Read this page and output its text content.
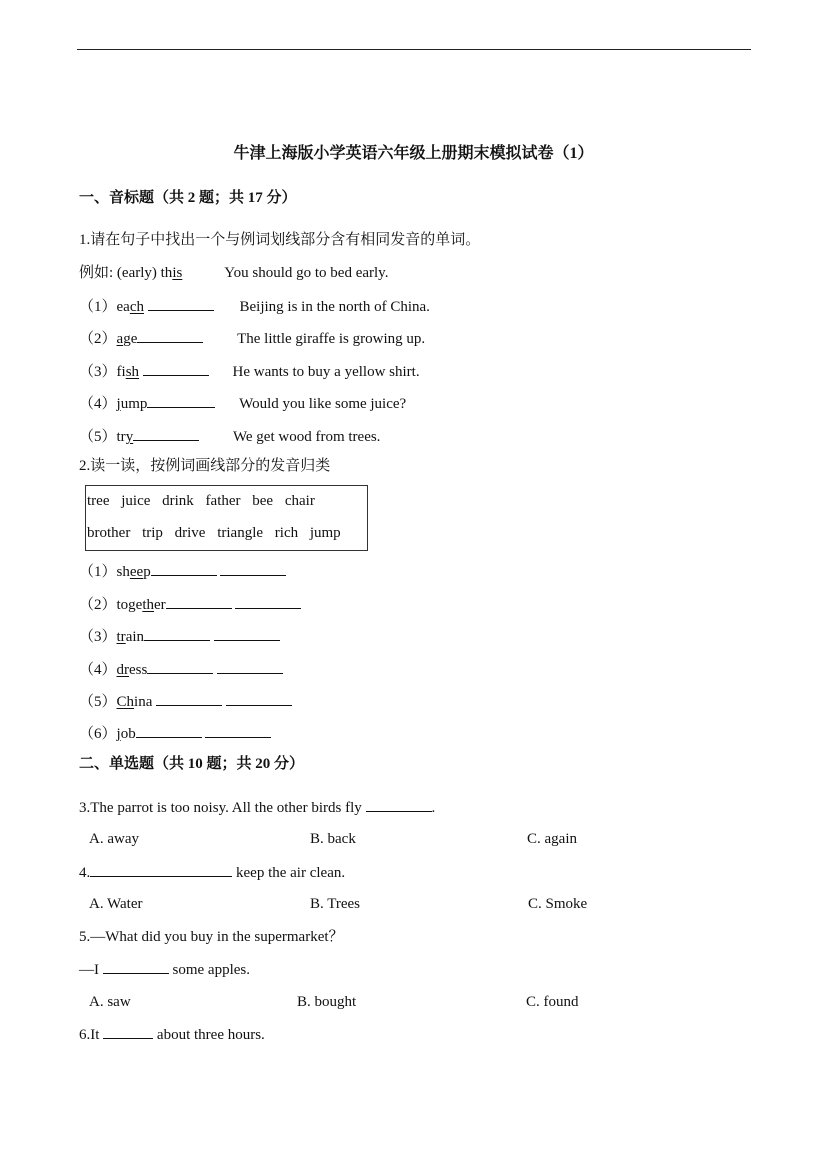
牛津上海版小学英语六年级上册期末模拟试卷（1）
一、音标题（共 2 题；共 17 分）
1.请在句子中找出一个与例词划线部分含有相同发音的单词。
例如: (early) this	You should go to bed early.
（1）each	Beijing is in the north of China.
（2）age	The little giraffe is growing up.
（3）fish	He wants to buy a yellow shirt.
（4）jump	Would you like some juice?
（5）try	We get wood from trees.
2.读一读，按例词画线部分的发音归类
tree juice drink father bee chair
brother trip drive triangle rich jump
（1）sheep
（2）together
（3）train
（4）dress
（5）China
（6）job
二、单选题（共 10 题；共 20 分）
3.The parrot is too noisy. All the other birds fly	.
A. away	B. back	C. again
4.	keep the air clean.
A. Water	B. Trees	C. Smoke
5.—What did you buy in the supermarket？
—I	some apples.
A. saw	B. bought	C. found
6.It	about three hours.
